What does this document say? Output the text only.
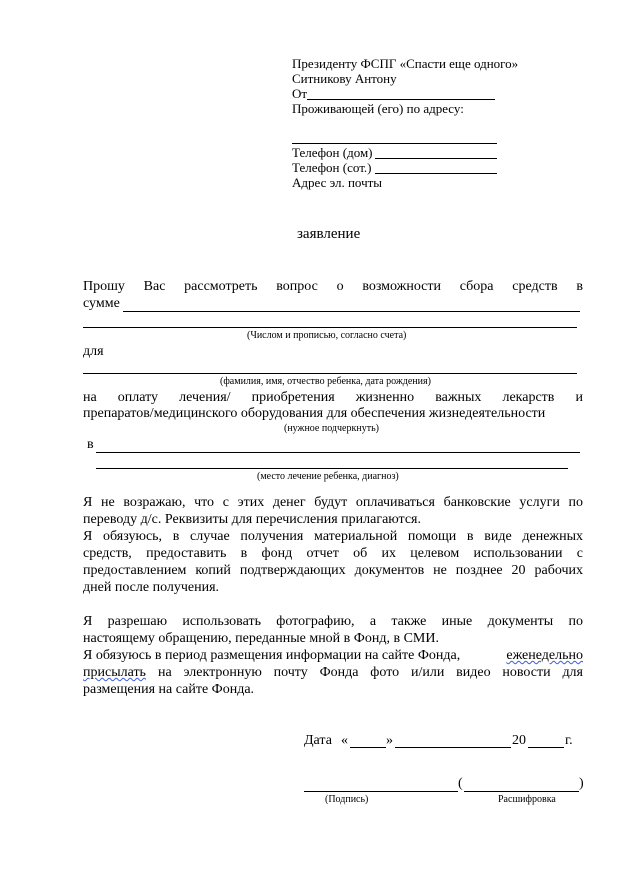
Президенту ФСПГ «Спасти еще одного»
Ситникову Антону
От
Проживающей (его) по адресу:
Телефон (дом)
Телефон (сот.)
Адрес эл. почты
заявление
Прошу Вас рассмотреть вопрос о возможности сбора средств в
сумме
(Числом и прописью, согласно счета)
для
(фамилия, имя, отчество ребенка, дата рождения)
на оплату лечения/ приобретения жизненно важных лекарств и
препаратов/медицинского оборудования для обеспечения жизнедеятельности
(нужное подчеркнуть)
в
(место лечение ребенка, диагноз)
Я не возражаю, что с этих денег будут оплачиваться банковские услуги по
переводу д/с. Реквизиты для перечисления прилагаются.
Я обязуюсь, в случае получения материальной помощи в виде денежных
средств, предоставить в фонд отчет об их целевом использовании с
предоставлением копий подтверждающих документов не позднее 20 рабочих
дней после получения.
Я разрешаю использовать фотографию, а также иные документы по
настоящему обращению, переданные мной в Фонд, в СМИ.
Я обязуюсь в период размещения информации на сайте Фонда,	еженедельно
присылать на электронную почту Фонда фото и/или видео новости для
размещения на сайте Фонда.
Дата «	»	20	г.
(	)
(Подпись)	Расшифровка
